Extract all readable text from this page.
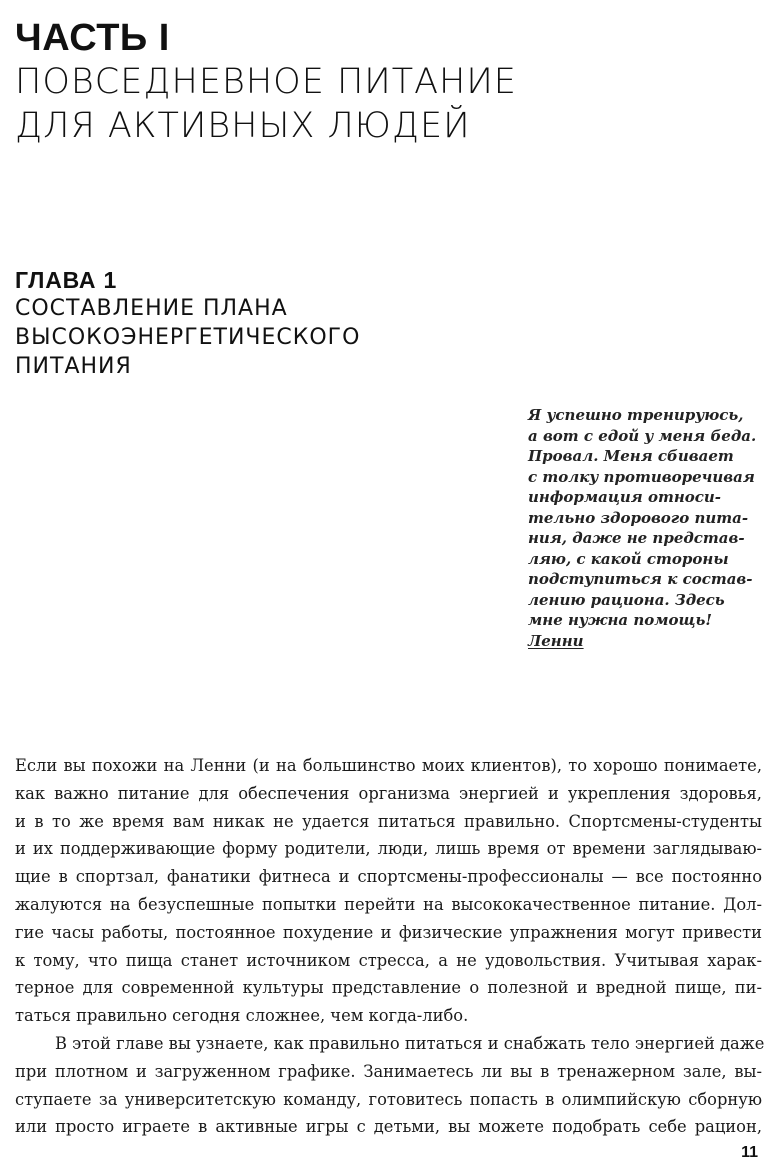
ЧАСТЬ I
ПОВСЕДНЕВНОЕ ПИТАНИЕ
ДЛЯ АКТИВНЫХ ЛЮДЕЙ
ГЛАВА 1
СОСТАВЛЕНИЕ ПЛАНА
ВЫСОКОЭНЕРГЕТИЧЕСКОГО
ПИТАНИЯ
Я успешно тренируюсь,
а вот с едой у меня беда.
Провал. Меня сбивает
с толку противоречивая
информация относи-
тельно здорового пита-
ния, даже не представ-
ляю, с какой стороны
подступиться к состав-
лению рациона. Здесь
мне нужна помощь!
Ленни
Если вы похожи на Ленни (и на большинство моих клиентов), то хорошо понимаете,
как важно питание для обеспечения организма энергией и укрепления здоровья,
и в то же время вам никак не удается питаться правильно. Спортсмены-студенты
и их поддерживающие форму родители, люди, лишь время от времени заглядываю-
щие в спортзал, фанатики фитнеса и спортсмены-профессионалы — все постоянно
жалуются на безуспешные попытки перейти на высококачественное питание. Дол-
гие часы работы, постоянное похудение и физические упражнения могут привести
к тому, что пища станет источником стресса, а не удовольствия. Учитывая харак-
терное для современной культуры представление о полезной и вредной пище, пи-
таться правильно сегодня сложнее, чем когда-либо.
В этой главе вы узнаете, как правильно питаться и снабжать тело энергией даже
при плотном и загруженном графике. Занимаетесь ли вы в тренажерном зале, вы-
ступаете за университетскую команду, готовитесь попасть в олимпийскую сборную
или просто играете в активные игры с детьми, вы можете подобрать себе рацион,
11
